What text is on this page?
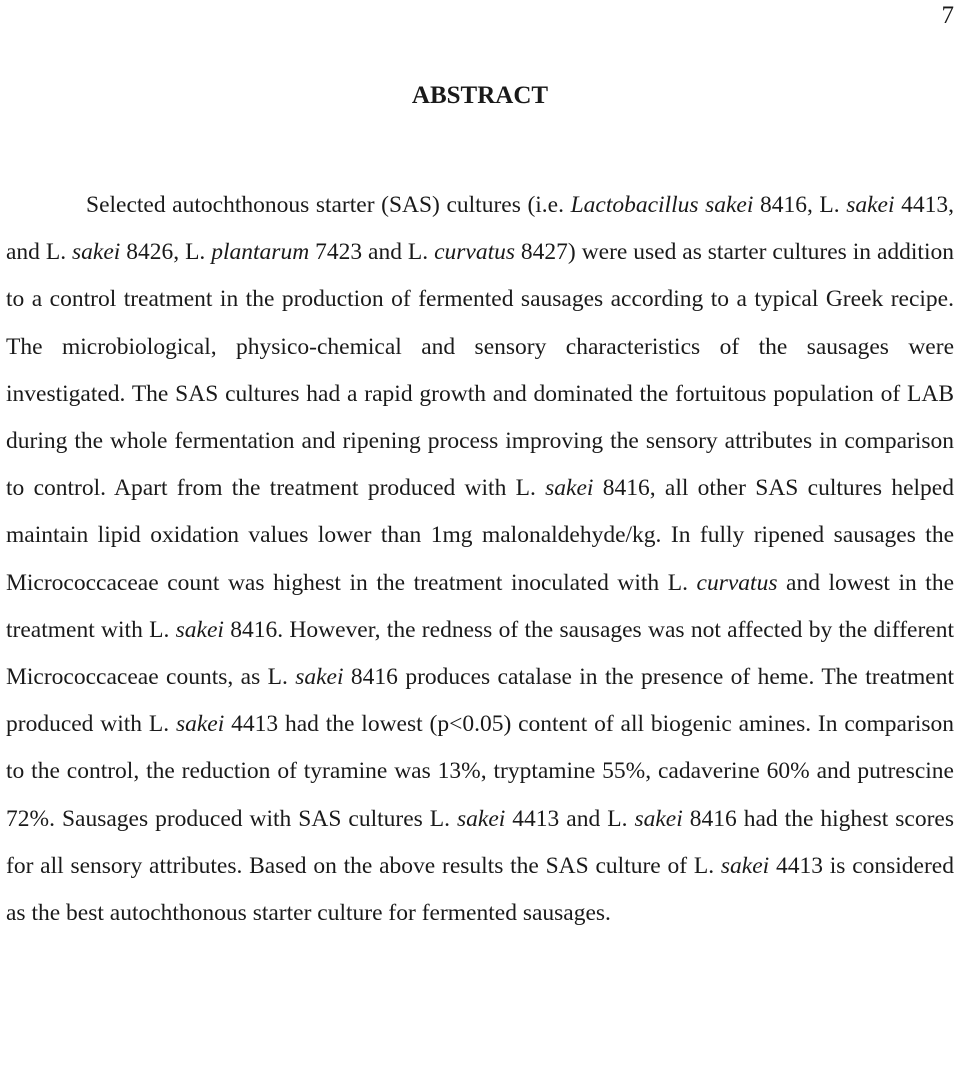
7
ABSTRACT

Selected autochthonous starter (SAS) cultures (i.e. Lactobacillus sakei 8416, L. sakei 4413, and L. sakei 8426, L. plantarum 7423 and L. curvatus 8427) were used as starter cultures in addition to a control treatment in the production of fermented sausages according to a typical Greek recipe. The microbiological, physico-chemical and sensory characteristics of the sausages were investigated. The SAS cultures had a rapid growth and dominated the fortuitous population of LAB during the whole fermentation and ripening process improving the sensory attributes in comparison to control. Apart from the treatment produced with L. sakei 8416, all other SAS cultures helped maintain lipid oxidation values lower than 1mg malonaldehyde/kg. In fully ripened sausages the Micrococcaceae count was highest in the treatment inoculated with L. curvatus and lowest in the treatment with L. sakei 8416. However, the redness of the sausages was not affected by the different Micrococcaceae counts, as L. sakei 8416 produces catalase in the presence of heme. The treatment produced with L. sakei 4413 had the lowest (p<0.05) content of all biogenic amines. In comparison to the control, the reduction of tyramine was 13%, tryptamine 55%, cadaverine 60% and putrescine 72%. Sausages produced with SAS cultures L. sakei 4413 and L. sakei 8416 had the highest scores for all sensory attributes. Based on the above results the SAS culture of L. sakei 4413 is considered as the best autochthonous starter culture for fermented sausages.
